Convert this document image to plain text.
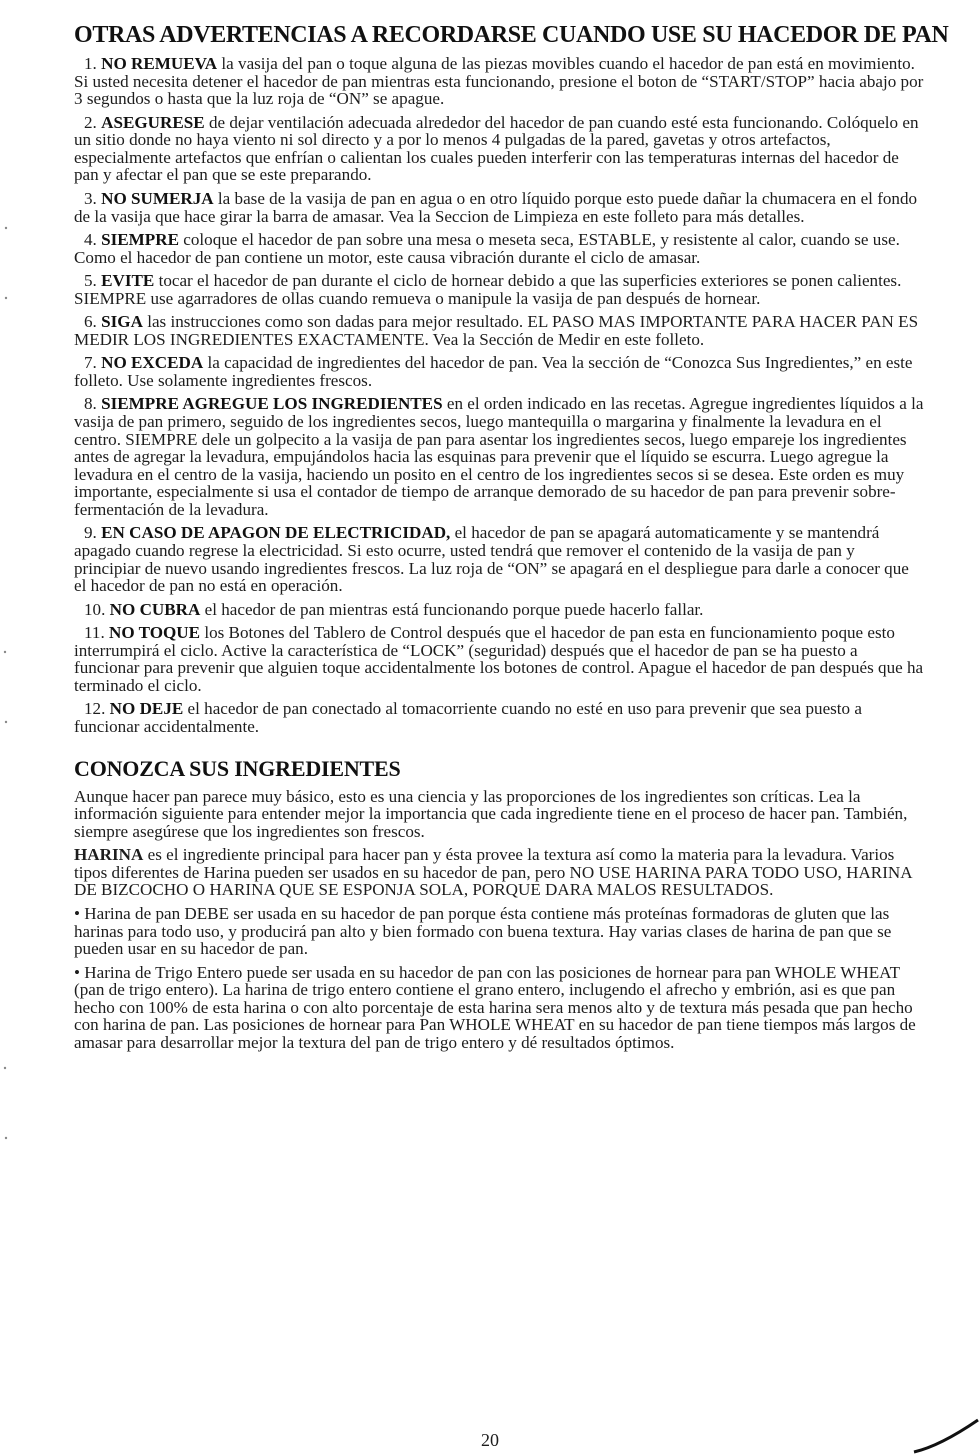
OTRAS ADVERTENCIAS A RECORDARSE CUANDO USE SU HACEDOR DE PAN

1. NO REMUEVA la vasija del pan o toque alguna de las piezas movibles cuando el hacedor de pan está en movimiento. Si usted necesita detener el hacedor de pan mientras esta funcionando, presione el boton de “START/STOP” hacia abajo por 3 segundos o hasta que la luz roja de “ON” se apague.

2. ASEGURESE de dejar ventilación adecuada alrededor del hacedor de pan cuando esté esta funcionando. Colóquelo en un sitio donde no haya viento ni sol directo y a por lo menos 4 pulgadas de la pared, gavetas y otros artefactos, especialmente artefactos que enfrían o calientan los cuales pueden interferir con las temperaturas internas del hacedor de pan y afectar el pan que se este preparando.

3. NO SUMERJA la base de la vasija de pan en agua o en otro líquido porque esto puede dañar la chumacera en el fondo de la vasija que hace girar la barra de amasar. Vea la Seccion de Limpieza en este folleto para más detalles.

4. SIEMPRE coloque el hacedor de pan sobre una mesa o meseta seca, ESTABLE, y resistente al calor, cuando se use. Como el hacedor de pan contiene un motor, este causa vibración durante el ciclo de amasar.

5. EVITE tocar el hacedor de pan durante el ciclo de hornear debido a que las superficies exteriores se ponen calientes. SIEMPRE use agarradores de ollas cuando remueva o manipule la vasija de pan después de hornear.

6. SIGA las instrucciones como son dadas para mejor resultado. EL PASO MAS IMPORTANTE PARA HACER PAN ES MEDIR LOS INGREDIENTES EXACTAMENTE. Vea la Sección de Medir en este folleto.

7. NO EXCEDA la capacidad de ingredientes del hacedor de pan. Vea la sección de “Conozca Sus Ingredientes,” en este folleto. Use solamente ingredientes frescos.

8. SIEMPRE AGREGUE LOS INGREDIENTES en el orden indicado en las recetas. Agregue ingredientes líquidos a la vasija de pan primero, seguido de los ingredientes secos, luego mantequilla o margarina y finalmente la levadura en el centro. SIEMPRE dele un golpecito a la vasija de pan para asentar los ingredientes secos, luego empareje los ingredientes antes de agregar la levadura, empujándolos hacia las esquinas para prevenir que el líquido se escurra. Luego agregue la levadura en el centro de la vasija, haciendo un posito en el centro de los ingredientes secos si se desea. Este orden es muy importante, especialmente si usa el contador de tiempo de arranque demorado de su hacedor de pan para prevenir sobre-fermentación de la levadura.

9. EN CASO DE APAGON DE ELECTRICIDAD, el hacedor de pan se apagará automaticamente y se mantendrá apagado cuando regrese la electricidad. Si esto ocurre, usted tendrá que remover el contenido de la vasija de pan y principiar de nuevo usando ingredientes frescos. La luz roja de “ON” se apagará en el despliegue para darle a conocer que el hacedor de pan no está en operación.

10. NO CUBRA el hacedor de pan mientras está funcionando porque puede hacerlo fallar.

11. NO TOQUE los Botones del Tablero de Control después que el hacedor de pan esta en funcionamiento poque esto interrumpirá el ciclo. Active la característica de “LOCK” (seguridad) después que el hacedor de pan se ha puesto a funcionar para prevenir que alguien toque accidentalmente los botones de control. Apague el hacedor de pan después que ha terminado el ciclo.

12. NO DEJE el hacedor de pan conectado al tomacorriente cuando no esté en uso para prevenir que sea puesto a funcionar accidentalmente.

CONOZCA SUS INGREDIENTES

Aunque hacer pan parece muy básico, esto es una ciencia y las proporciones de los ingredientes son críticas. Lea la información siguiente para entender mejor la importancia que cada ingrediente tiene en el proceso de hacer pan. También, siempre asegúrese que los ingredientes son frescos.

HARINA es el ingrediente principal para hacer pan y ésta provee la textura así como la materia para la levadura. Varios tipos diferentes de Harina pueden ser usados en su hacedor de pan, pero NO USE HARINA PARA TODO USO, HARINA DE BIZCOCHO O HARINA QUE SE ESPONJA SOLA, PORQUE DARA MALOS RESULTADOS.

• Harina de pan DEBE ser usada en su hacedor de pan porque ésta contiene más proteínas formadoras de gluten que las harinas para todo uso, y producirá pan alto y bien formado con buena textura. Hay varias clases de harina de pan que se pueden usar en su hacedor de pan.

• Harina de Trigo Entero puede ser usada en su hacedor de pan con las posiciones de hornear para pan WHOLE WHEAT (pan de trigo entero). La harina de trigo entero contiene el grano entero, inclugendo el afrecho y embrión, asi es que pan hecho con 100% de esta harina o con alto porcentaje de esta harina sera menos alto y de textura más pesada que pan hecho con harina de pan. Las posiciones de hornear para Pan WHOLE WHEAT en su hacedor de pan tiene tiempos más largos de amasar para desarrollar mejor la textura del pan de trigo entero y dé resultados óptimos.

20
